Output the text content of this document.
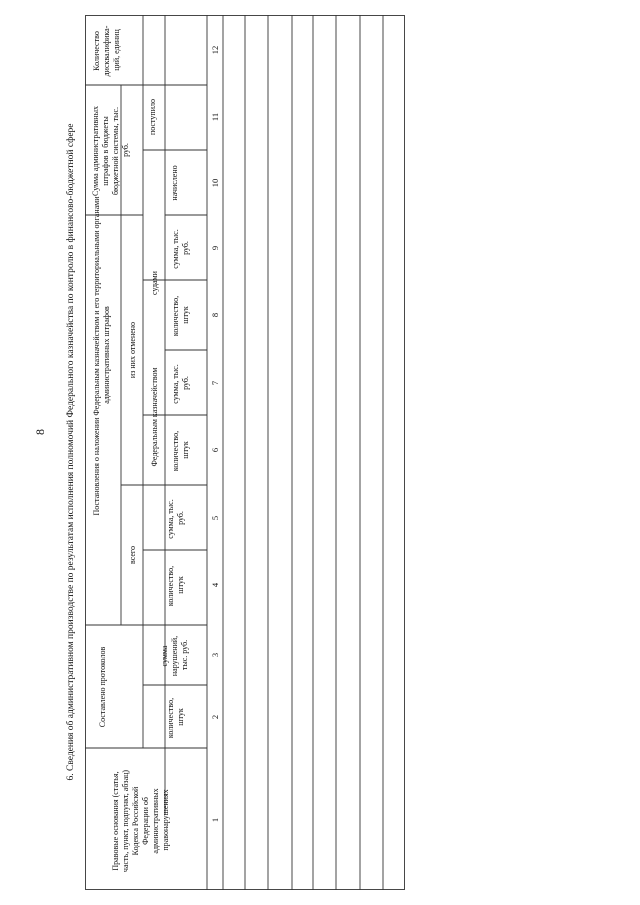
8	6. Сведения об административном производстве по результатам исполнения полномочий Федерального казначейства по контролю в финансово-бюджетной сфере
Правовые основания (статья, часть, пункт, подпункт, абзац) Кодекса Российской Федерации об административных правонарушениях
Составлено протоколов	количество, штук
сумма нарушений, тыс. руб.
Постановления о наложении Федеральным казначейством и его территориальными органами административных штрафов
всего
количество, штук
сумма, тыс. руб.
из них отменено
Федеральным казначейством количество, штук
сумма, тыс. руб.
судами
количество, штук
сумма, тыс. руб.
Сумма административных штрафов в бюджеты бюджетной системы, тыс. руб.
начислено
поступило
Количество дисквалифика- ций, единиц
1
2
3
4
5
6
7
8
9
10
11
12
